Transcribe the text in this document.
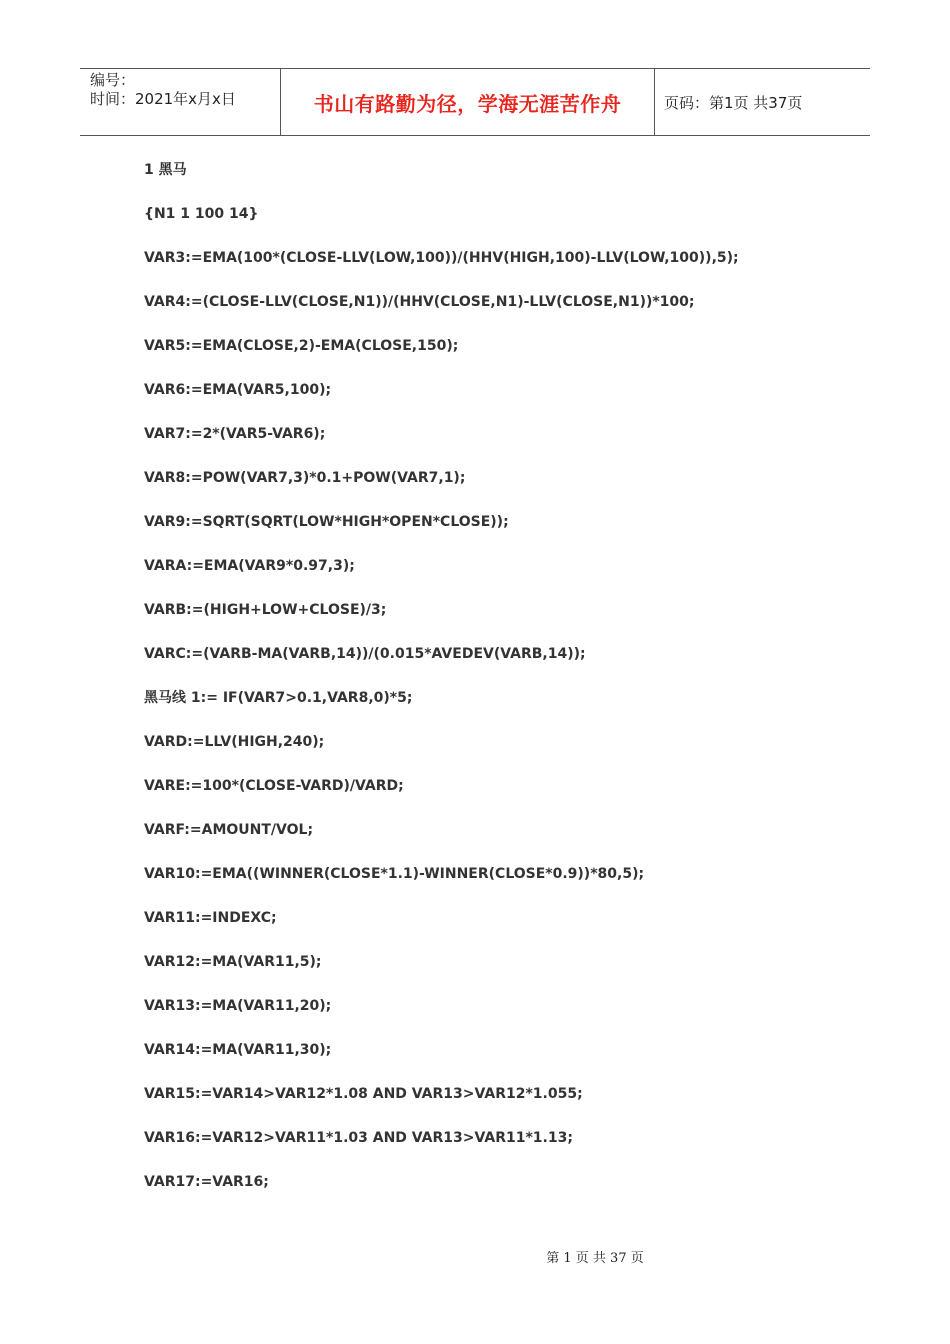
编号：
时间：2021年x月x日	书山有路勤为径，学海无涯苦作舟	页码：第1页 共37页
1 黑马
{N1 1 100 14}
VAR3:=EMA(100*(CLOSE-LLV(LOW,100))/(HHV(HIGH,100)-LLV(LOW,100)),5);
VAR4:=(CLOSE-LLV(CLOSE,N1))/(HHV(CLOSE,N1)-LLV(CLOSE,N1))*100;
VAR5:=EMA(CLOSE,2)-EMA(CLOSE,150);
VAR6:=EMA(VAR5,100);
VAR7:=2*(VAR5-VAR6);
VAR8:=POW(VAR7,3)*0.1+POW(VAR7,1);
VAR9:=SQRT(SQRT(LOW*HIGH*OPEN*CLOSE));
VARA:=EMA(VAR9*0.97,3);
VARB:=(HIGH+LOW+CLOSE)/3;
VARC:=(VARB-MA(VARB,14))/(0.015*AVEDEV(VARB,14));
黑马线 1:= IF(VAR7>0.1,VAR8,0)*5;
VARD:=LLV(HIGH,240);
VARE:=100*(CLOSE-VARD)/VARD;
VARF:=AMOUNT/VOL;
VAR10:=EMA((WINNER(CLOSE*1.1)-WINNER(CLOSE*0.9))*80,5);
VAR11:=INDEXC;
VAR12:=MA(VAR11,5);
VAR13:=MA(VAR11,20);
VAR14:=MA(VAR11,30);
VAR15:=VAR14>VAR12*1.08 AND VAR13>VAR12*1.055;
VAR16:=VAR12>VAR11*1.03 AND VAR13>VAR11*1.13;
VAR17:=VAR16;
第 1 页 共 37 页
